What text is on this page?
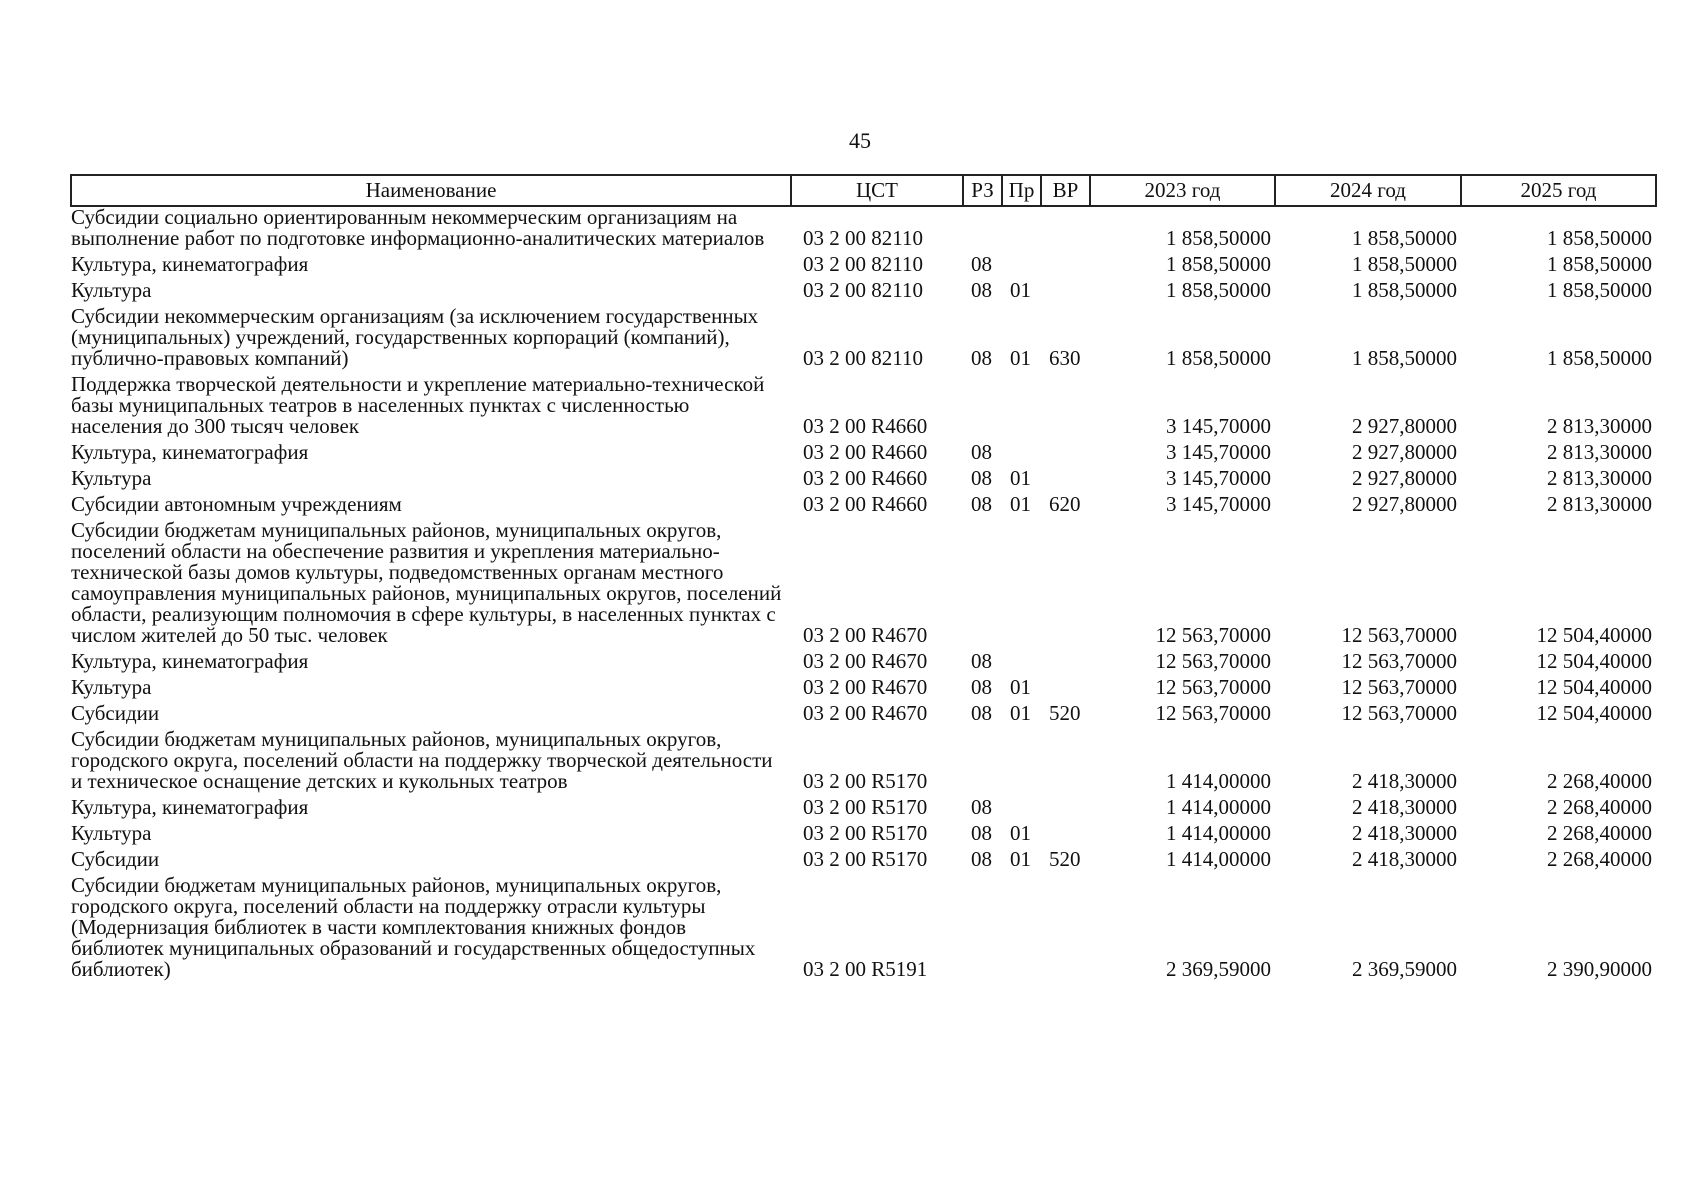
45
Наименование	ЦСТ	РЗ	Пр	ВР	2023 год	2024 год	2025 год
Субсидии социально ориентированным некоммерческим организациям на выполнение работ по подготовке информационно-аналитических материалов	03 2 00 82110				1 858,50000	1 858,50000	1 858,50000
Культура, кинематография	03 2 00 82110	08			1 858,50000	1 858,50000	1 858,50000
Культура	03 2 00 82110	08	01		1 858,50000	1 858,50000	1 858,50000
Субсидии некоммерческим организациям (за исключением государственных (муниципальных) учреждений, государственных корпораций (компаний), публично-правовых компаний)	03 2 00 82110	08	01	630	1 858,50000	1 858,50000	1 858,50000
Поддержка творческой деятельности и укрепление материально-технической базы муниципальных театров в населенных пунктах с численностью населения до 300 тысяч человек	03 2 00 R4660				3 145,70000	2 927,80000	2 813,30000
Культура, кинематография	03 2 00 R4660	08			3 145,70000	2 927,80000	2 813,30000
Культура	03 2 00 R4660	08	01		3 145,70000	2 927,80000	2 813,30000
Субсидии автономным учреждениям	03 2 00 R4660	08	01	620	3 145,70000	2 927,80000	2 813,30000
Субсидии бюджетам муниципальных районов, муниципальных округов, поселений области на обеспечение развития и укрепления материально-технической базы домов культуры, подведомственных органам местного самоуправления муниципальных районов, муниципальных округов, поселений области, реализующим полномочия в сфере культуры, в населенных пунктах с числом жителей до 50 тыс. человек	03 2 00 R4670				12 563,70000	12 563,70000	12 504,40000
Культура, кинематография	03 2 00 R4670	08			12 563,70000	12 563,70000	12 504,40000
Культура	03 2 00 R4670	08	01		12 563,70000	12 563,70000	12 504,40000
Субсидии	03 2 00 R4670	08	01	520	12 563,70000	12 563,70000	12 504,40000
Субсидии бюджетам муниципальных районов, муниципальных округов, городского округа, поселений области на поддержку творческой деятельности и техническое оснащение детских и кукольных театров	03 2 00 R5170				1 414,00000	2 418,30000	2 268,40000
Культура, кинематография	03 2 00 R5170	08			1 414,00000	2 418,30000	2 268,40000
Культура	03 2 00 R5170	08	01		1 414,00000	2 418,30000	2 268,40000
Субсидии	03 2 00 R5170	08	01	520	1 414,00000	2 418,30000	2 268,40000
Субсидии бюджетам муниципальных районов, муниципальных округов, городского округа, поселений области на поддержку отрасли культуры (Модернизация библиотек в части комплектования книжных фондов библиотек муниципальных образований и государственных общедоступных библиотек)	03 2 00 R5191				2 369,59000	2 369,59000	2 390,90000
